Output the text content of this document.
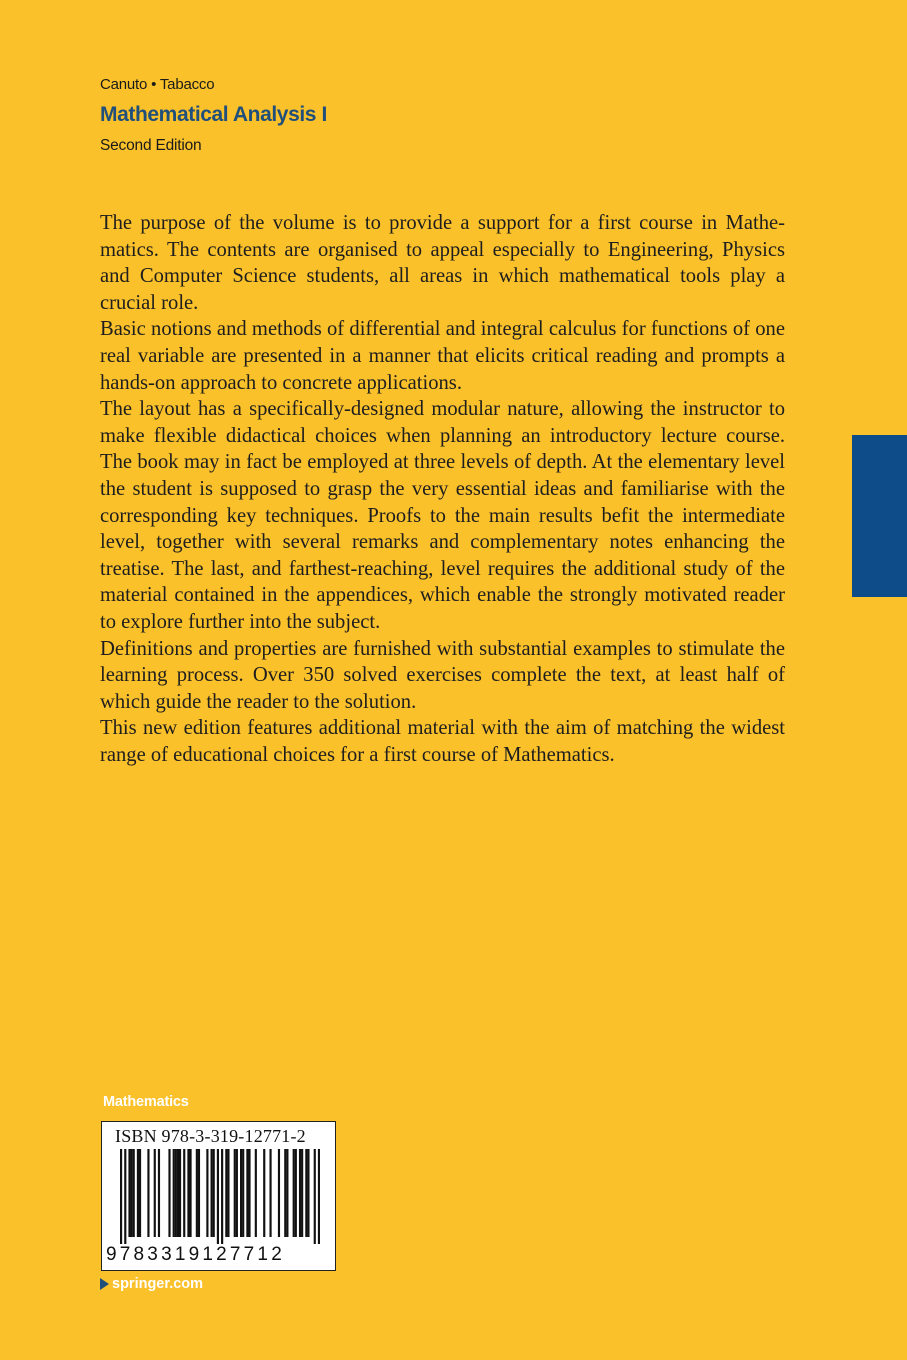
Canuto • Tabacco
Mathematical Analysis I
Second Edition

The purpose of the volume is to provide a support for a first course in Mathematics. The contents are organised to appeal especially to Engineering, Physics and Computer Science students, all areas in which mathematical tools play a crucial role.

Basic notions and methods of differential and integral calculus for functions of one real variable are presented in a manner that elicits critical reading and prompts a hands-on approach to concrete applications.

The layout has a specifically-designed modular nature, allowing the instructor to make flexible didactical choices when planning an introductory lecture course. The book may in fact be employed at three levels of depth. At the elementary level the student is supposed to grasp the very essential ideas and familiarise with the corresponding key techniques. Proofs to the main results befit the intermediate level, together with several remarks and complementary notes enhancing the treatise. The last, and farthest-reaching, level requires the additional study of the material contained in the appendices, which enable the strongly motivated reader to explore further into the subject.

Definitions and properties are furnished with substantial examples to stimulate the learning process. Over 350 solved exercises complete the text, at least half of which guide the reader to the solution.

This new edition features additional material with the aim of matching the widest range of educational choices for a first course of Mathematics.

Mathematics
ISBN 978-3-319-12771-2
9783319127712
springer.com
